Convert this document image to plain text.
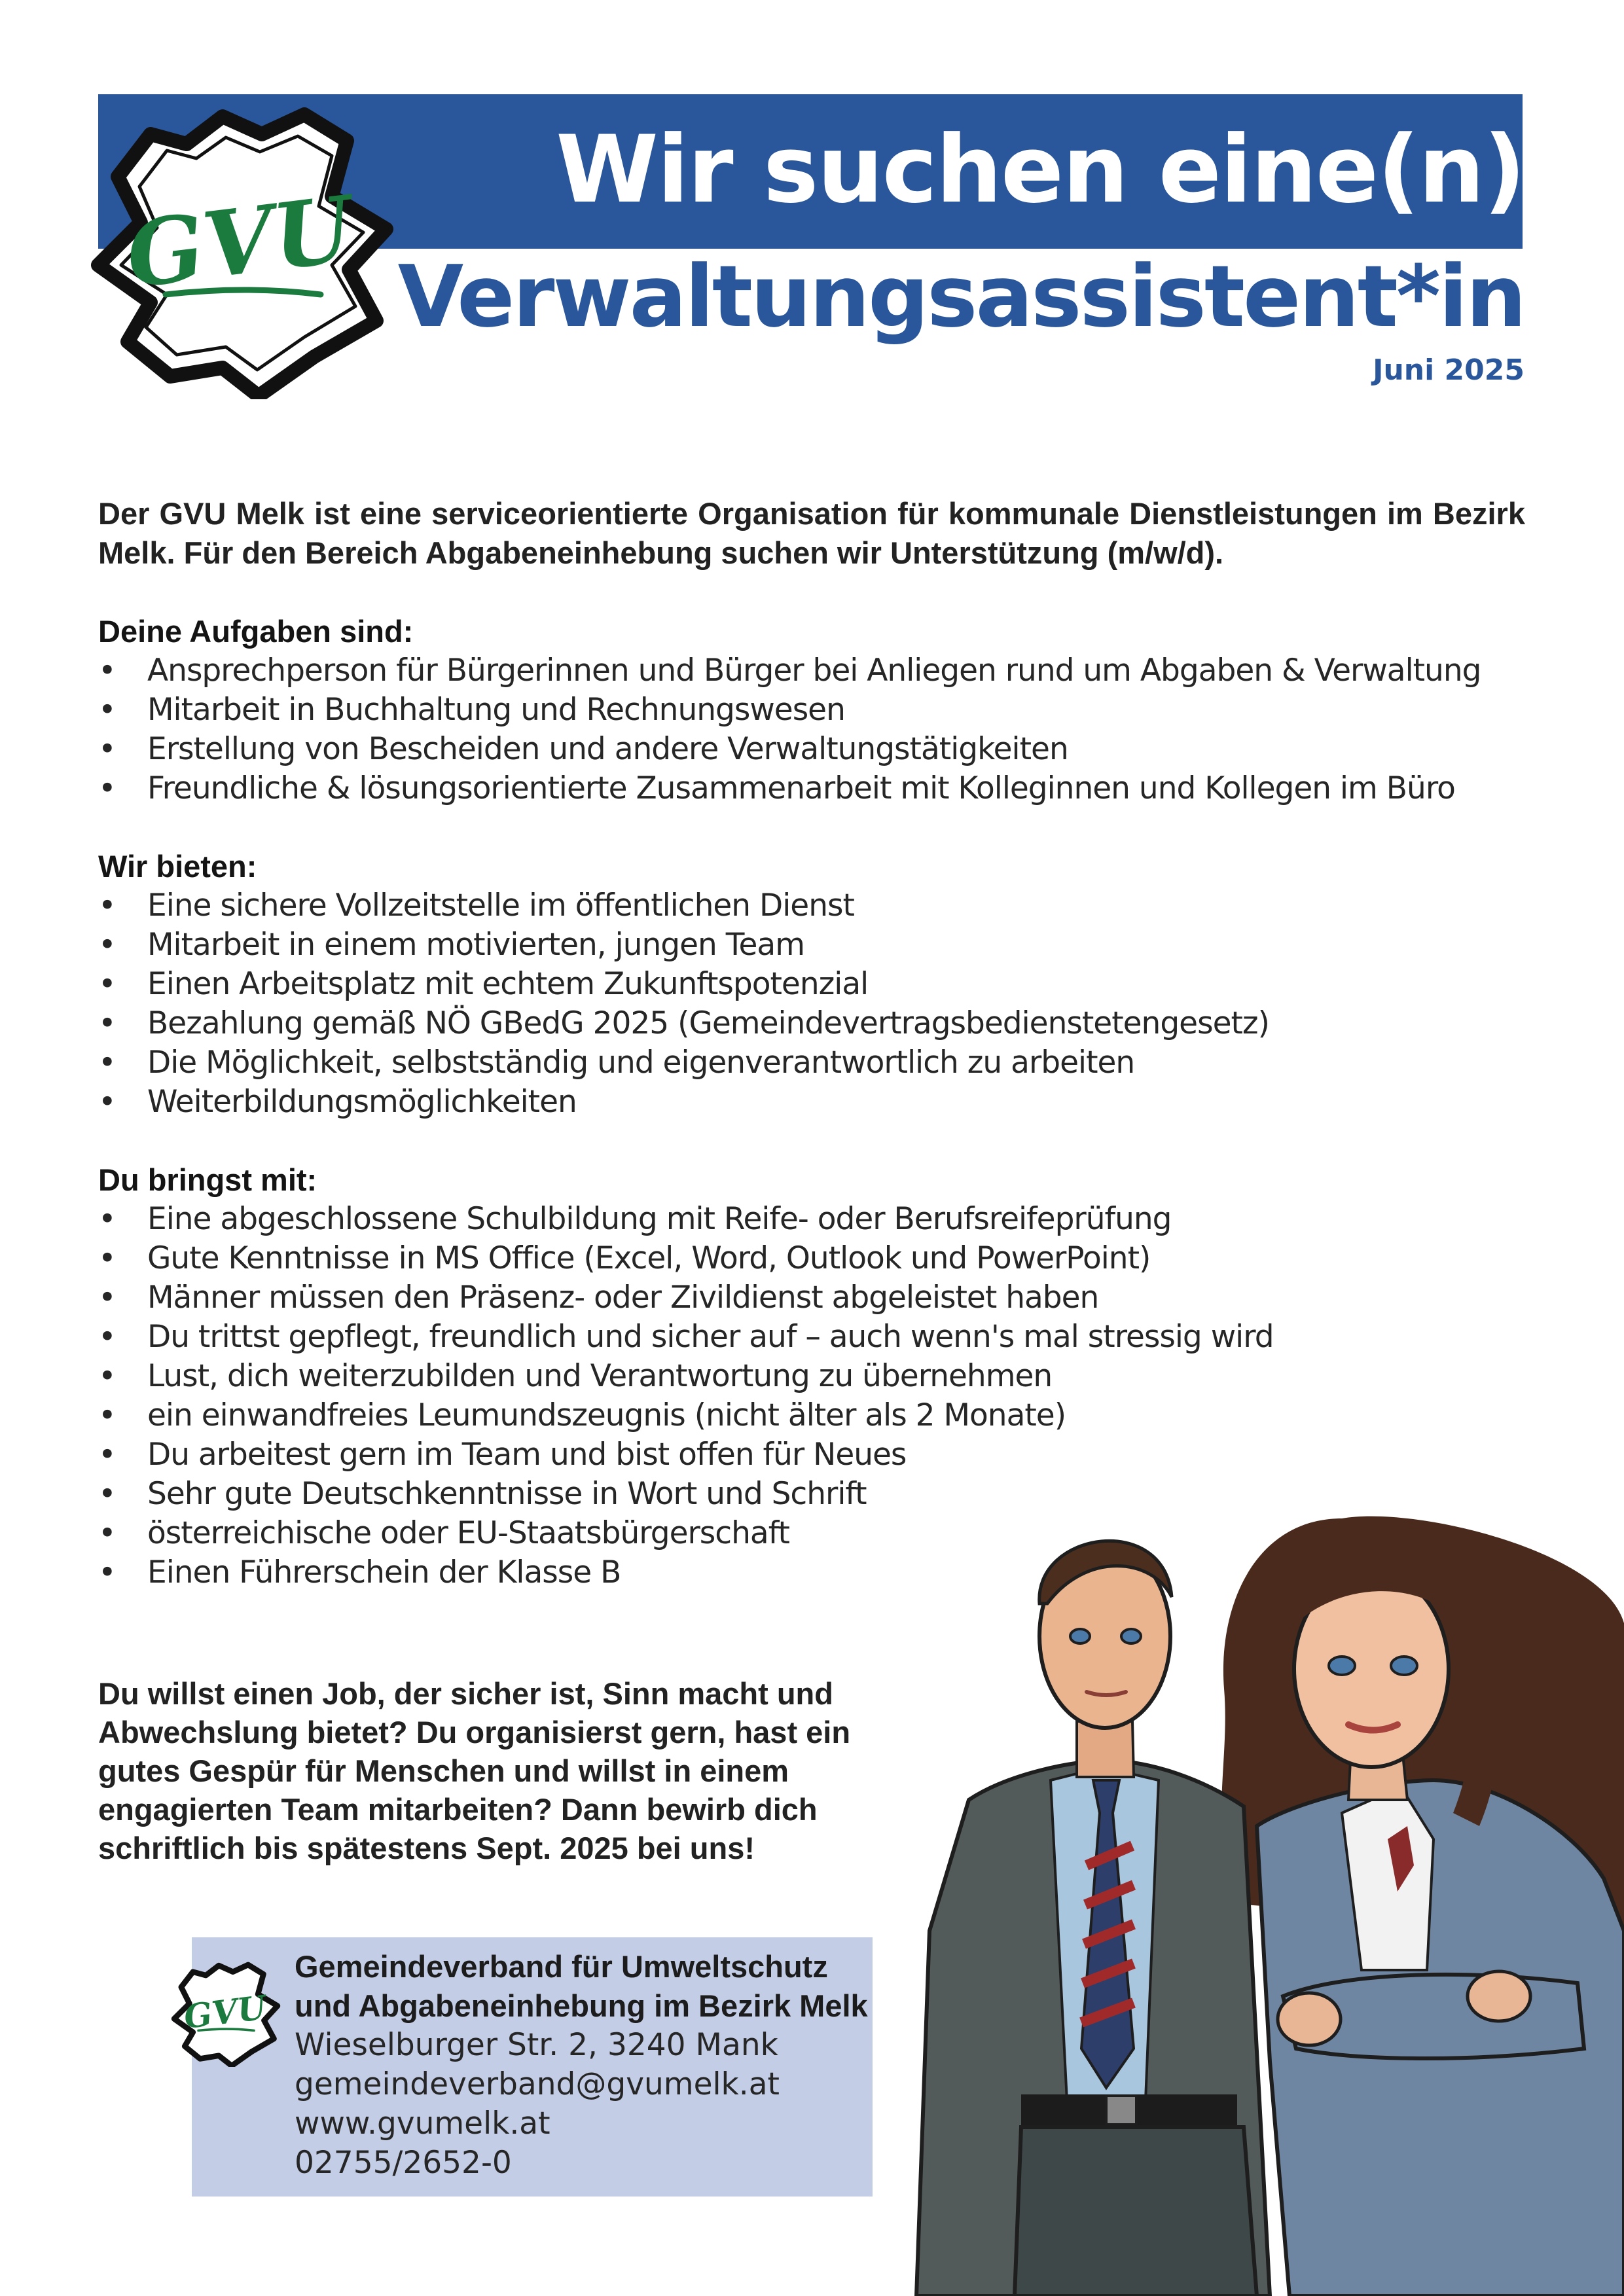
GVU
Wir suchen eine(n)
Verwaltungsassistent*in
Juni 2025

Der GVU Melk ist eine serviceorientierte Organisation für kommunale Dienstleistungen im Bezirk Melk. Für den Bereich Abgabeneinhebung suchen wir Unterstützung (m/w/d).

Deine Aufgaben sind:
• Ansprechperson für Bürgerinnen und Bürger bei Anliegen rund um Abgaben & Verwaltung
• Mitarbeit in Buchhaltung und Rechnungswesen
• Erstellung von Bescheiden und andere Verwaltungstätigkeiten
• Freundliche & lösungsorientierte Zusammenarbeit mit Kolleginnen und Kollegen im Büro
Wir bieten:
• Eine sichere Vollzeitstelle im öffentlichen Dienst
• Mitarbeit in einem motivierten, jungen Team
• Einen Arbeitsplatz mit echtem Zukunftspotenzial
• Bezahlung gemäß NÖ GBedG 2025 (Gemeindevertragsbedienstetengesetz)
• Die Möglichkeit, selbstständig und eigenverantwortlich zu arbeiten
• Weiterbildungsmöglichkeiten
Du bringst mit:
• Eine abgeschlossene Schulbildung mit Reife- oder Berufsreifeprüfung
• Gute Kenntnisse in MS Office (Excel, Word, Outlook und PowerPoint)
• Männer müssen den Präsenz- oder Zivildienst abgeleistet haben
• Du trittst gepflegt, freundlich und sicher auf – auch wenn's mal stressig wird
• Lust, dich weiterzubilden und Verantwortung zu übernehmen
• ein einwandfreies Leumundszeugnis (nicht älter als 2 Monate)
• Du arbeitest gern im Team und bist offen für Neues
• Sehr gute Deutschkenntnisse in Wort und Schrift
• österreichische oder EU-Staatsbürgerschaft
• Einen Führerschein der Klasse B

Du willst einen Job, der sicher ist, Sinn macht und Abwechslung bietet? Du organisierst gern, hast ein gutes Gespür für Menschen und willst in einem engagierten Team mitarbeiten? Dann bewirb dich schriftlich bis spätestens Sept. 2025 bei uns!

GVU
Gemeindeverband für Umweltschutz
und Abgabeneinhebung im Bezirk Melk
Wieselburger Str. 2, 3240 Mank
gemeindeverband@gvumelk.at
www.gvumelk.at
02755/2652-0
